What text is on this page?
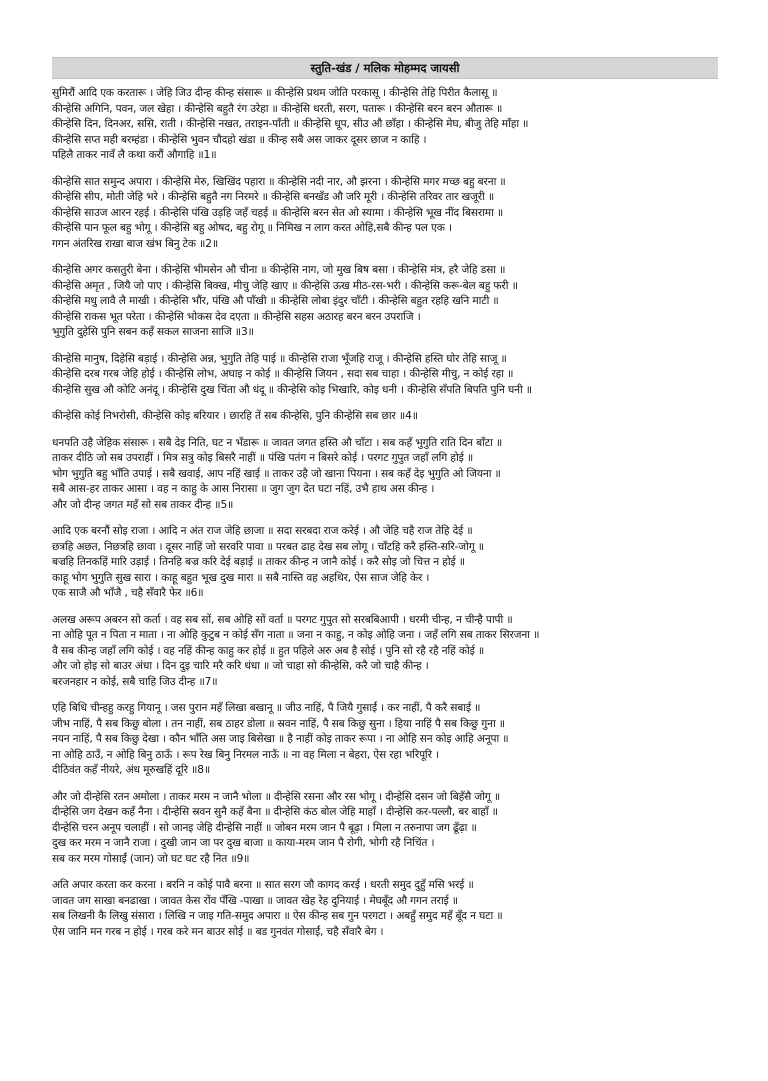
स्तुति-खंड / मलिक मोहम्मद जायसी
सुमिरौं आदि एक करतारू । जेहि जिउ दीन्ह कीन्ह संसारू ॥ कीन्हेसि प्रथम जोति परकासू । कीन्हेसि तेहि पिरीत कैलासू ॥
कीन्हेसि अगिनि, पवन, जल खेहा । कीन्हेसि बहुतै रंग उरेहा ॥ कीन्हेसि धरती, सरग, पतारू । कीन्हेसि बरन बरन औतारू ॥
कीन्हेसि दिन, दिनअर, ससि, राती । कीन्हेसि नखत, तराइन-पाँती ॥ कीन्हेसि धूप, सीउ औ छाँहा । कीन्हेसि मेघ, बीजु तेहि माँहा ॥
कीन्हेसि सप्त मही बरम्हंडा । कीन्हेसि भुवन चौदहो खंडा ॥ कीन्ह सबै अस जाकर दूसर छाज न काहि ।
पहिलै ताकर नावँ लै कथा करौं औगाहि ॥1॥
कीन्हेसि सात समुन्द अपारा । कीन्हेसि मेरु, खिखिंद पहारा ॥ कीन्हेसि नदी नार, औ झरना । कीन्हेसि मगर मच्छ बहु बरना ॥
कीन्हेसि सीप, मोती जेहि भरे । कीन्हेसि बहुतै नग निरमरे ॥ कीन्हेसि बनखँड औ जरि मूरी । कीन्हेसि तरिवर तार खजूरी ॥
कीन्हेसि साउज आरन रहई । कीन्हेसि पंखि उड़हि जहँ चहई ॥ कीन्हेसि बरन सेत ओ स्यामा । कीन्हेसि भूख नींद बिसरामा ॥
कीन्हेसि पान फूल बहु भोगू । कीन्हेसि बहु ओषद, बहु रोगू ॥ निमिख न लाग करत ओहि,सबै कीन्ह पल एक ।
गगन अंतरिख राखा बाज खंभ बिनु टेक ॥2॥
कीन्हेसि अगर कसतुरी बेना । कीन्हेसि भीमसेन औ चीना ॥ कीन्हेसि नाग, जो मुख बिष बसा । कीन्हेसि मंत्र, हरै जेहि डसा ॥
कीन्हेसि अमृत , जियै जो पाए । कीन्हेसि बिक्ख, मीचु जेहि खाए ॥ कीन्हेसि ऊख मीठ-रस-भरी । कीन्हेसि करू-बेल बहु फरी ॥
कीन्हेसि मधु लावै लै माखी । कीन्हेसि भौंर, पंखि औ पाँखी ॥ कीन्हेसि लोबा इंदुर चाँटी । कीन्हेसि बहुत रहहि खनि माटी ॥
कीन्हेसि राकस भूत परेता । कीन्हेसि भोकस देव दएता ॥ कीन्हेसि सहस अठारह बरन बरन उपराजि ।
भुगुति दुहेसि पुनि सबन कहँ सकल साजना साजि ॥3॥
कीन्हेसि मानुष, दिहेसि बड़ाई । कीन्हेसि अन्न, भुगुति तेहि पाई ॥ कीन्हेसि राजा भूँजहि राजू । कीन्हेसि हस्ति घोर तेहि साजू ॥
कीन्हेसि दरब गरब जेहि होई । कीन्हेसि लोभ, अघाइ न कोई ॥ कीन्हेसि जियन , सदा सब चाहा । कीन्हेसि मीचु, न कोई रहा ॥
कीन्हेसि सुख औ कोटि अनंदू । कीन्हेसि दुख चिंता औ धंदू ॥ कीन्हेसि कोइ भिखारि, कोइ धनी । कीन्हेसि सँपति बिपति पुनि घनी ॥
कीन्हेसि कोई निभरोसी, कीन्हेसि कोइ बरियार । छारहि तें सब कीन्हेसि, पुनि कीन्हेसि सब छार ॥4॥
धनपति उहै जेहिक संसारू । सबै देइ निति, घट न भँडारू ॥ जावत जगत हस्ति औ चाँटा । सब कहँ भुगुति राति दिन बाँटा ॥
ताकर दीठि जो सब उपराहीं । मित्र सत्रु कोइ बिसरै नाहीं ॥ पंखि पतंग न बिसरे कोई । परगट गुपुत जहाँ लगि होई ॥
भोग भुगुति बहु भाँति उपाई । सबै खवाई, आप नहिं खाई ॥ ताकर उहै जो खाना पियना । सब कहँ देइ भुगुति ओ जियना ॥
सबै आस-हर ताकर आसा । वह न काहु के आस निरासा ॥ जुग जुग देत घटा नहिं, उभै हाथ अस कीन्ह ।
और जो दीन्ह जगत महँ सो सब ताकर दीन्ह ॥5॥
आदि एक बरनौं सोइ राजा । आदि न अंत राज जेहि छाजा ॥ सदा सरबदा राज करेई । औ जेहि चहै राज तेहि देई ॥
छत्रहि अछत, निछत्रहि छावा । दूसर नाहिं जो सरवरि पावा ॥ परबत ढाह देख सब लोगू । चाँटहि करै हस्ति-सरि-जोगू ॥
बज्रहि तिनकहिं मारि उड़ाई । तिनहि बज्र करि देई बड़ाई ॥ ताकर कीन्ह न जानै कोई । करै सोइ जो चित्त न होई ॥
काहू भोग भुगुति सुख सारा । काहू बहुत भूख दुख मारा ॥ सबै नास्ति वह अहथिर, ऐस साज जेहि केर ।
एक साजै औ भाँजै , चहै सँवारै फेर ॥6॥
अलख अरूप अबरन सो कर्ता । वह सब सों, सब ओहि सों वर्ता ॥ परगट गुपुत सो सरबबिआपी । धरमी चीन्ह, न चीन्है पापी ॥
ना ओहि पूत न पिता न माता । ना ओहि कुटुब न कोई सँग नाता ॥ जना न काहु, न कोइ ओहि जना । जहँ लगि सब ताकर सिरजना ॥
वै सब कीन्ह जहाँ लगि कोई । वह नहिं कीन्ह काहु कर होई ॥ हुत पहिले अरु अब है सोई । पुनि सो रहै रहै नहिं कोई ॥
और जो होइ सो बाउर अंधा । दिन दुइ चारि मरै करि धंधा ॥ जो चाहा सो कीन्हेसि, करै जो चाहै कीन्ह ।
बरजनहार न कोई, सबै चाहि जिउ दीन्ह ॥7॥
एहि बिधि चीन्हहु करहु गियानू । जस पुरान महँ लिखा बखानू ॥ जीउ नाहिं, पै जियै गुसाईं । कर नाहीं, पै करै सबाई ॥
जीभ नाहिं, पै सब किछु बोला । तन नाहीं, सब ठाहर डोला ॥ स्रवन नाहिं, पै सब किछु सुना । हिया नाहिं पै सब किछु गुना ॥
नयन नाहिं, पै सब किछु देखा । कौन भाँति अस जाइ बिसेखा ॥ है नाहीं कोइ ताकर रूपा । ना ओहि सन कोइ आहि अनूपा ॥
ना ओहि ठाउँ, न ओहि बिनु ठाऊँ । रूप रेख बिनु निरमल नाऊँ ॥ ना वह मिला न बेहरा, ऐस रहा भरिपूरि ।
दीठिवंत कहँ नीयरे, अंध मूरुखहिं दूरि ॥8॥
और जो दीन्हेसि रतन अमोला । ताकर मरम न जानै भोला ॥ दीन्हेसि रसना और रस भोगू । दीन्हेसि दसन जो बिहँसै जोगू ॥
दीन्हेसि जग देखन कहँ नैना । दीन्हेसि स्रवन सुनै कहँ बैना ॥ दीन्हेसि कंठ बोल जेहि माहाँ । दीन्हेसि कर-पल्लौ, बर बाहाँ ॥
दीन्हेसि चरन अनूप चलाहीं । सो जानइ जेहि दीन्हेसि नाहीं ॥ जोबन मरम जान पै बूढ़ा । मिला न तरुनापा जग ढूँढ़ा ॥
दुख कर मरम न जानै राजा । दुखी जान जा पर दुख बाजा ॥ काया-मरम जान पै रोगी, भोगी रहै निचिंत ।
सब कर मरम गोसाईं (जान) जो घट घट रहै नित ॥9॥
अति अपार करता कर करना । बरनि न कोई पावै बरना ॥ सात सरग जौ कागद करई । धरती समुद दुहुँ मसि भरई ॥
जावत जग साखा बनढाखा । जावत केस रोंव पँखि -पाखा ॥ जावत खेह रेह दुनियाई । मेघबूँद औ गगन तराई ॥
सब लिखनी कै लिखु संसारा । लिखि न जाइ गति-समुद अपारा ॥ ऐस कीन्ह सब गुन परगटा । अबहुँ समुद महँ बूँद न घटा ॥
ऐस जानि मन गरब न होई । गरब करे मन बाउर सोई ॥ बड गुनवंत गोसाईं, चहै सँवारै बेग ।
